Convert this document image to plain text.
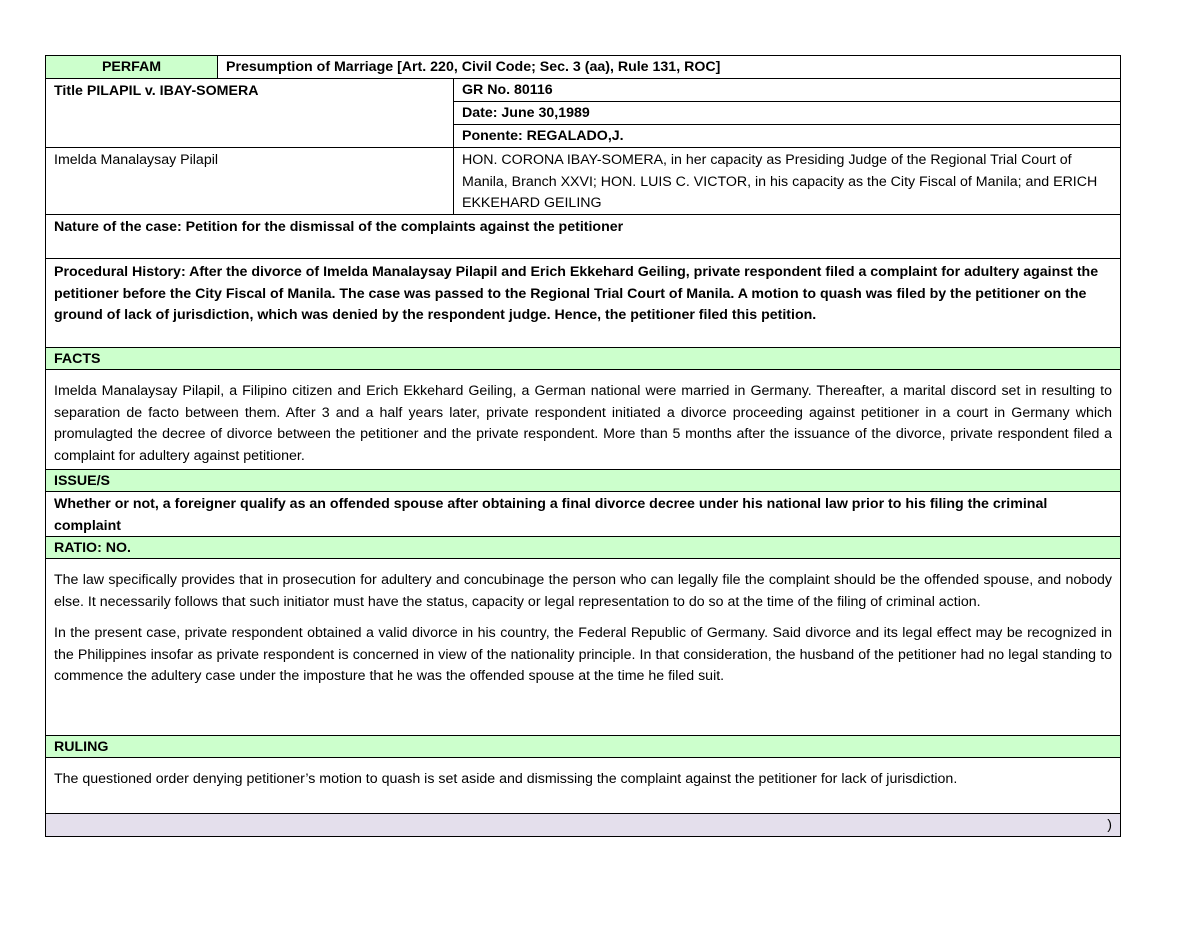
PERFAM	Presumption of Marriage [Art. 220, Civil Code; Sec. 3 (aa), Rule 131, ROC]
Title PILAPIL v. IBAY-SOMERA	GR No. 80116
Date: June 30,1989
Ponente: REGALADO,J.
Imelda Manalaysay Pilapil	HON. CORONA IBAY-SOMERA, in her capacity as Presiding Judge of the Regional Trial Court of Manila, Branch XXVI; HON. LUIS C. VICTOR, in his capacity as the City Fiscal of Manila; and ERICH EKKEHARD GEILING
Nature of the case: Petition for the dismissal of the complaints against the petitioner
Procedural History: After the divorce of Imelda Manalaysay Pilapil and Erich Ekkehard Geiling, private respondent filed a complaint for adultery against the petitioner before the City Fiscal of Manila. The case was passed to the Regional Trial Court of Manila. A motion to quash was filed by the petitioner on the ground of lack of jurisdiction, which was denied by the respondent judge. Hence, the petitioner filed this petition.
FACTS
Imelda Manalaysay Pilapil, a Filipino citizen and Erich Ekkehard Geiling, a German national were married in Germany. Thereafter, a marital discord set in resulting to separation de facto between them. After 3 and a half years later, private respondent initiated a divorce proceeding against petitioner in a court in Germany which promulagted the decree of divorce between the petitioner and the private respondent. More than 5 months after the issuance of the divorce, private respondent filed a complaint for adultery against petitioner.
ISSUE/S
Whether or not, a foreigner qualify as an offended spouse after obtaining a final divorce decree under his national law prior to his filing the criminal complaint
RATIO: NO.

The law specifically provides that in prosecution for adultery and concubinage the person who can legally file the complaint should be the offended spouse, and nobody else. It necessarily follows that such initiator must have the status, capacity or legal representation to do so at the time of the filing of criminal action.

In the present case, private respondent obtained a valid divorce in his country, the Federal Republic of Germany. Said divorce and its legal effect may be recognized in the Philippines insofar as private respondent is concerned in view of the nationality principle. In that consideration, the husband of the petitioner had no legal standing to commence the adultery case under the imposture that he was the offended spouse at the time he filed suit.

RULING
The questioned order denying petitioner’s motion to quash is set aside and dismissing the complaint against the petitioner for lack of jurisdiction.
)
